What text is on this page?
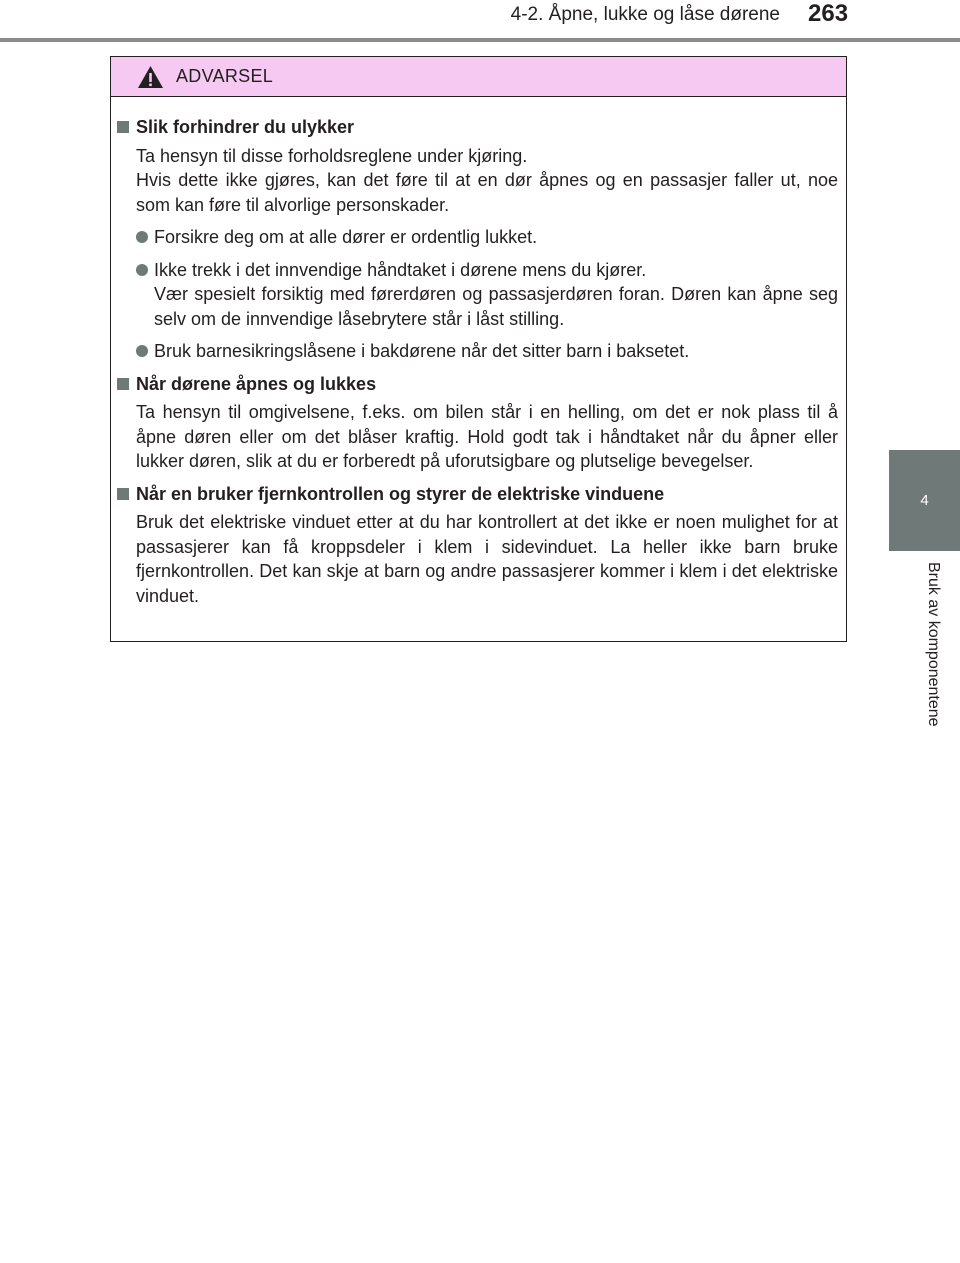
4-2. Åpne, lukke og låse dørene 263
4
Bruk av komponentene
ADVARSEL
Slik forhindrer du ulykker

Ta hensyn til disse forholdsreglene under kjøring.

Hvis dette ikke gjøres, kan det føre til at en dør åpnes og en passasjer faller ut, noe som kan føre til alvorlige personskader.

Forsikre deg om at alle dører er ordentlig lukket.

Ikke trekk i det innvendige håndtaket i dørene mens du kjører.

Vær spesielt forsiktig med førerdøren og passasjerdøren foran. Døren kan åpne seg selv om de innvendige låsebrytere står i låst stilling.

Bruk barnesikringslåsene i bakdørene når det sitter barn i baksetet.

Når dørene åpnes og lukkes

Ta hensyn til omgivelsene, f.eks. om bilen står i en helling, om det er nok plass til å åpne døren eller om det blåser kraftig. Hold godt tak i håndtaket når du åpner eller lukker døren, slik at du er forberedt på uforutsigbare og plutselige bevegelser.

Når en bruker fjernkontrollen og styrer de elektriske vinduene

Bruk det elektriske vinduet etter at du har kontrollert at det ikke er noen mulighet for at passasjerer kan få kroppsdeler i klem i sidevinduet. La heller ikke barn bruke fjernkontrollen. Det kan skje at barn og andre passasjerer kommer i klem i det elektriske vinduet.
